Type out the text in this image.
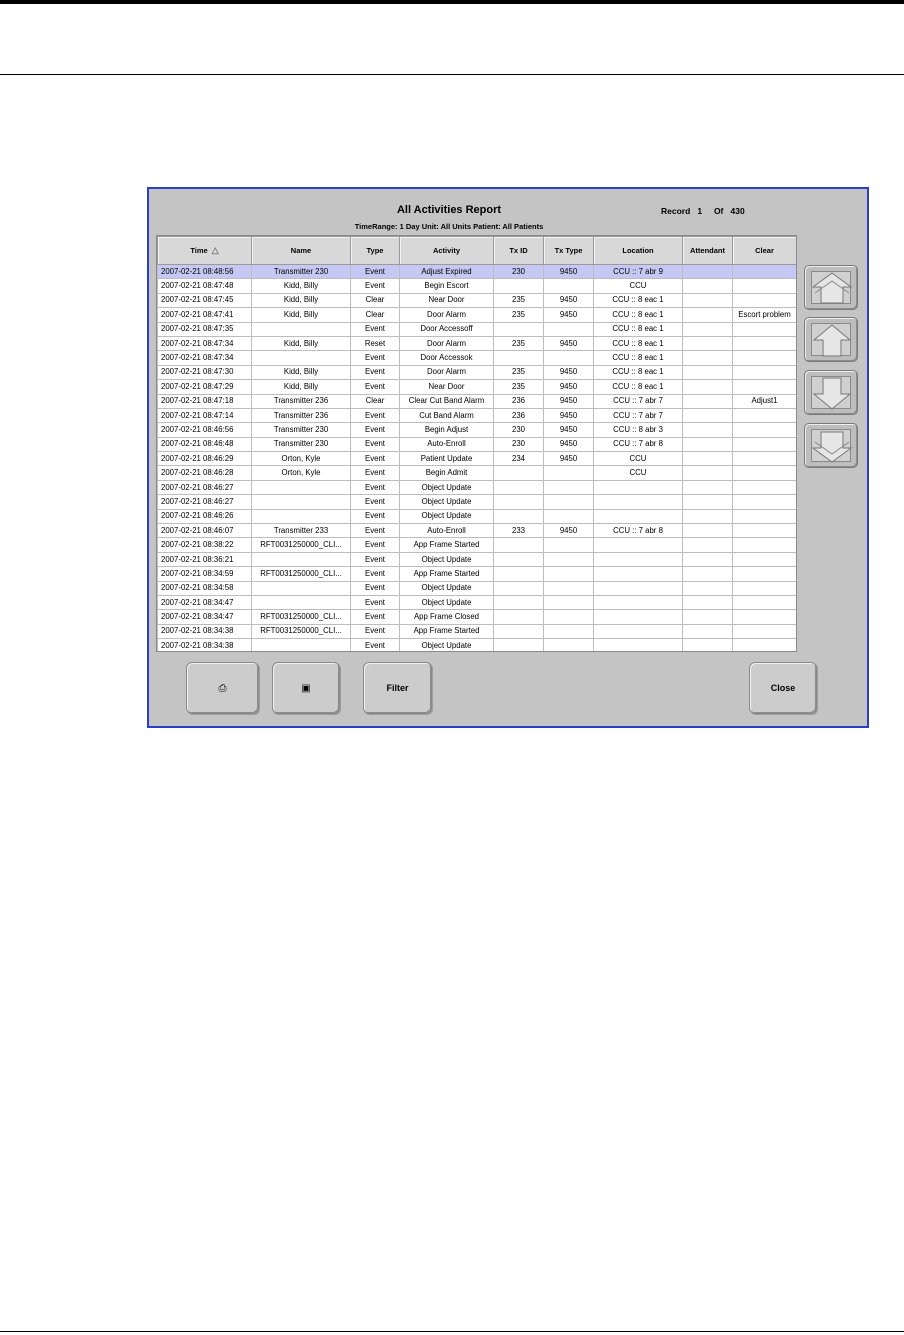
All Activities Report
TimeRange: 1 Day Unit: All Units Patient: All Patients
Record 1 Of 430
Time △	Name	Type	Activity	Tx ID	Tx Type	Location	Attendant	Clear
2007-02-21 08:48:56	Transmitter 230	Event	Adjust Expired	230	9450	CCU :: 7 abr 9		
2007-02-21 08:47:48	Kidd, Billy	Event	Begin Escort			CCU		
2007-02-21 08:47:45	Kidd, Billy	Clear	Near Door	235	9450	CCU :: 8 eac 1		
2007-02-21 08:47:41	Kidd, Billy	Clear	Door Alarm	235	9450	CCU :: 8 eac 1		Escort problem
2007-02-21 08:47:35		Event	Door Accessoff			CCU :: 8 eac 1		
2007-02-21 08:47:34	Kidd, Billy	Reset	Door Alarm	235	9450	CCU :: 8 eac 1		
2007-02-21 08:47:34		Event	Door Accessok			CCU :: 8 eac 1		
2007-02-21 08:47:30	Kidd, Billy	Event	Door Alarm	235	9450	CCU :: 8 eac 1		
2007-02-21 08:47:29	Kidd, Billy	Event	Near Door	235	9450	CCU :: 8 eac 1		
2007-02-21 08:47:18	Transmitter 236	Clear	Clear Cut Band Alarm	236	9450	CCU :: 7 abr 7		Adjust1
2007-02-21 08:47:14	Transmitter 236	Event	Cut Band Alarm	236	9450	CCU :: 7 abr 7		
2007-02-21 08:46:56	Transmitter 230	Event	Begin Adjust	230	9450	CCU :: 8 abr 3		
2007-02-21 08:46:48	Transmitter 230	Event	Auto-Enroll	230	9450	CCU :: 7 abr 8		
2007-02-21 08:46:29	Orton, Kyle	Event	Patient Update	234	9450	CCU		
2007-02-21 08:46:28	Orton, Kyle	Event	Begin Admit			CCU		
2007-02-21 08:46:27		Event	Object Update					
2007-02-21 08:46:27		Event	Object Update					
2007-02-21 08:46:26		Event	Object Update					
2007-02-21 08:46:07	Transmitter 233	Event	Auto-Enroll	233	9450	CCU :: 7 abr 8		
2007-02-21 08:38:22	RFT0031250000_CLI...	Event	App Frame Started					
2007-02-21 08:36:21		Event	Object Update					
2007-02-21 08:34:59	RFT0031250000_CLI...	Event	App Frame Started					
2007-02-21 08:34:58		Event	Object Update					
2007-02-21 08:34:47		Event	Object Update					
2007-02-21 08:34:47	RFT0031250000_CLI...	Event	App Frame Closed					
2007-02-21 08:34:38	RFT0031250000_CLI...	Event	App Frame Started					
2007-02-21 08:34:38		Event	Object Update					
⎙	▣	Filter	Close
